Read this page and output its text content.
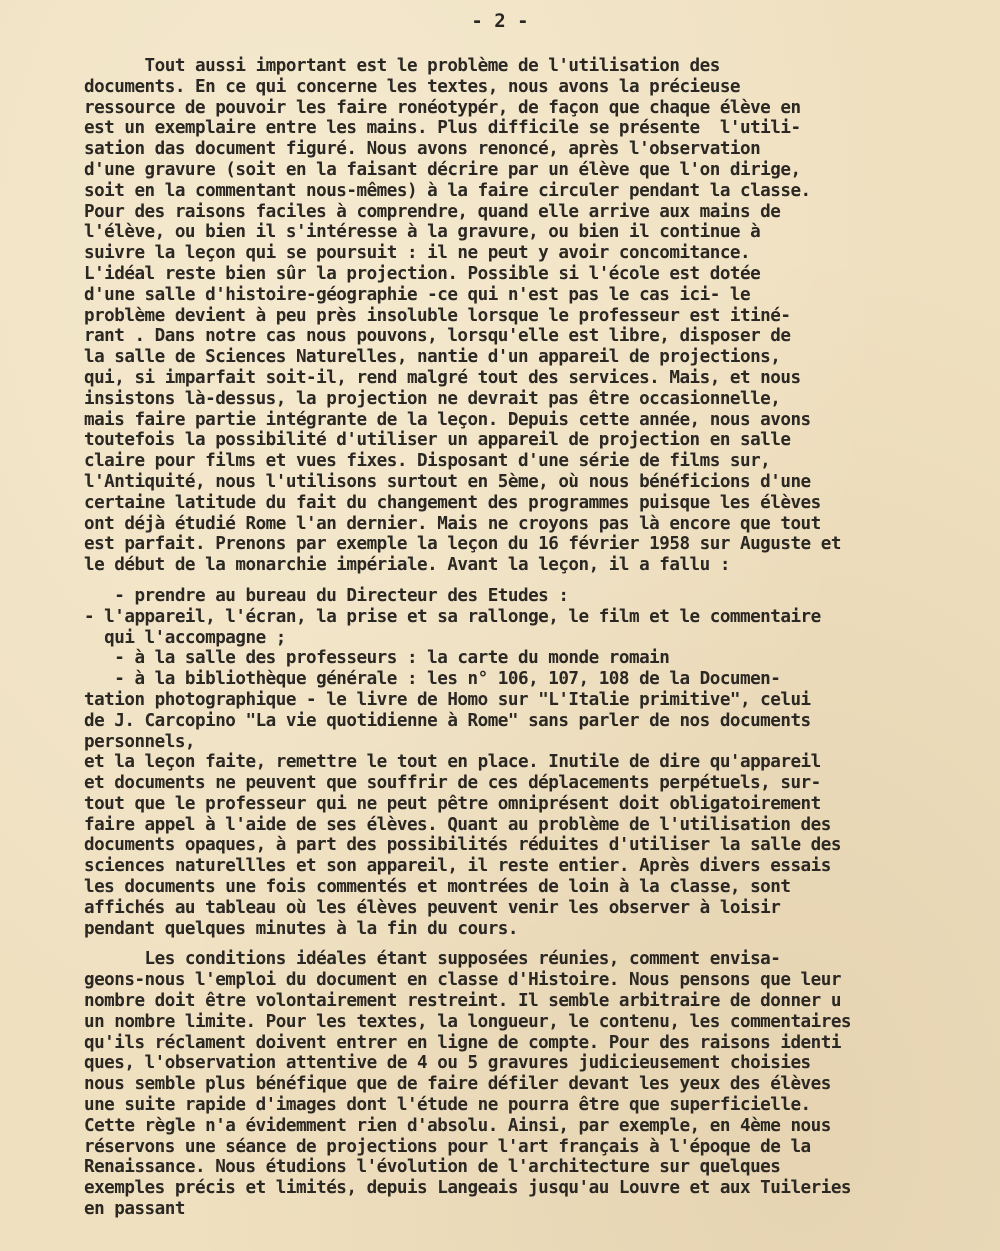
- 2 -

Tout aussi important est le problème de l'utilisation des
documents. En ce qui concerne les textes, nous avons la précieuse
ressource de pouvoir les faire ronéotypér, de façon que chaque élève en
est un exemplaire entre les mains. Plus difficile se présente  l'utili-
sation das document figuré. Nous avons renoncé, après l'observation
d'une gravure (soit en la faisant décrire par un élève que l'on dirige,
soit en la commentant nous-mêmes) à la faire circuler pendant la classe.
Pour des raisons faciles à comprendre, quand elle arrive aux mains de
l'élève, ou bien il s'intéresse à la gravure, ou bien il continue à
suivre la leçon qui se poursuit : il ne peut y avoir concomitance.
L'idéal reste bien sûr la projection. Possible si l'école est dotée
d'une salle d'histoire-géographie -ce qui n'est pas le cas ici- le
problème devient à peu près insoluble lorsque le professeur est itiné-
rant . Dans notre cas nous pouvons, lorsqu'elle est libre, disposer de
la salle de Sciences Naturelles, nantie d'un appareil de projections,
qui, si imparfait soit-il, rend malgré tout des services. Mais, et nous
insistons là-dessus, la projection ne devrait pas être occasionnelle,
mais faire partie intégrante de la leçon. Depuis cette année, nous avons
toutefois la possibilité d'utiliser un appareil de projection en salle
claire pour films et vues fixes. Disposant d'une série de films sur,
l'Antiquité, nous l'utilisons surtout en 5ème, où nous bénéficions d'une
certaine latitude du fait du changement des programmes puisque les élèves
ont déjà étudié Rome l'an dernier. Mais ne croyons pas là encore que tout
est parfait. Prenons par exemple la leçon du 16 février 1958 sur Auguste et
le début de la monarchie impériale. Avant la leçon, il a fallu :
- prendre au bureau du Directeur des Etudes :
- l'appareil, l'écran, la prise et sa rallonge, le film et le commentaire
qui l'accompagne ;
- à la salle des professeurs : la carte du monde romain
- à la bibliothèque générale : les n° 106, 107, 108 de la Documen-
tation photographique - le livre de Homo sur "L'Italie primitive", celui
de J. Carcopino "La vie quotidienne à Rome" sans parler de nos documents
personnels,
et la leçon faite, remettre le tout en place. Inutile de dire qu'appareil
et documents ne peuvent que souffrir de ces déplacements perpétuels, sur-
tout que le professeur qui ne peut pêtre omniprésent doit obligatoirement
faire appel à l'aide de ses élèves. Quant au problème de l'utilisation des
documents opaques, à part des possibilités réduites d'utiliser la salle des
sciences naturellles et son appareil, il reste entier. Après divers essais
les documents une fois commentés et montrées de loin à la classe, sont
affichés au tableau où les élèves peuvent venir les observer à loisir
pendant quelques minutes à la fin du cours.
Les conditions idéales étant supposées réunies, comment envisa-
geons-nous l'emploi du document en classe d'Histoire. Nous pensons que leur
nombre doit être volontairement restreint. Il semble arbitraire de donner u
un nombre limite. Pour les textes, la longueur, le contenu, les commentaires
qu'ils réclament doivent entrer en ligne de compte. Pour des raisons identi
ques, l'observation attentive de 4 ou 5 gravures judicieusement choisies
nous semble plus bénéfique que de faire défiler devant les yeux des élèves
une suite rapide d'images dont l'étude ne pourra être que superficielle.
Cette règle n'a évidemment rien d'absolu. Ainsi, par exemple, en 4ème nous
réservons une séance de projections pour l'art français à l'époque de la
Renaissance. Nous étudions l'évolution de l'architecture sur quelques
exemples précis et limités, depuis Langeais jusqu'au Louvre et aux Tuileries
en passant
